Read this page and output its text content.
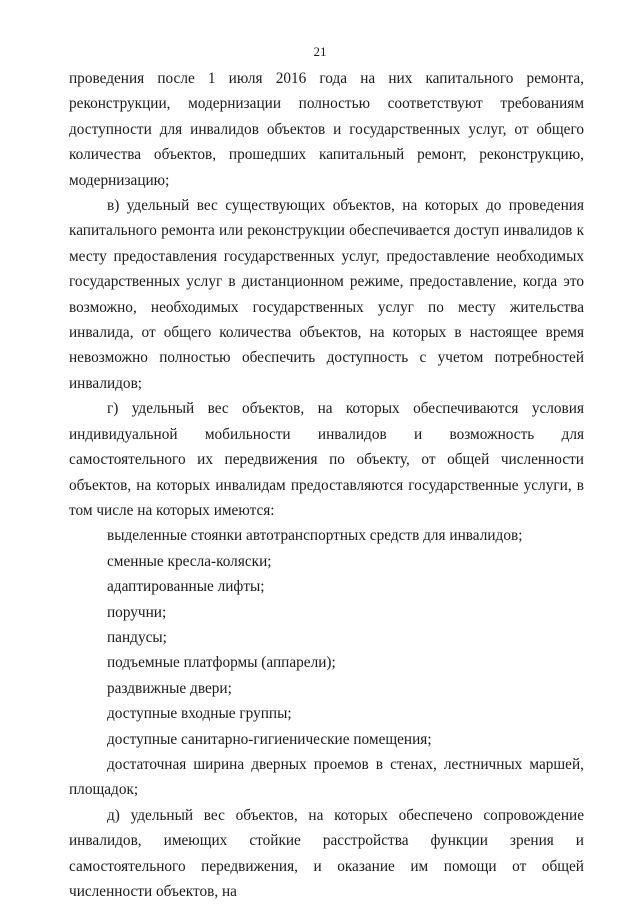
21

проведения после 1 июля 2016 года на них капитального ремонта, реконструкции, модернизации полностью соответствуют требованиям доступности для инвалидов объектов и государственных услуг, от общего количества объектов, прошедших капитальный ремонт, реконструкцию, модернизацию;

в) удельный вес существующих объектов, на которых до проведения капитального ремонта или реконструкции обеспечивается доступ инвалидов к месту предоставления государственных услуг, предоставление необходимых государственных услуг в дистанционном режиме, предоставление, когда это возможно, необходимых государственных услуг по месту жительства инвалида, от общего количества объектов, на которых в настоящее время невозможно полностью обеспечить доступность с учетом потребностей инвалидов;

г) удельный вес объектов, на которых обеспечиваются условия индивидуальной мобильности инвалидов и возможность для самостоятельного их передвижения по объекту, от общей численности объектов, на которых инвалидам предоставляются государственные услуги, в том числе на которых имеются:

выделенные стоянки автотранспортных средств для инвалидов;

сменные кресла-коляски;

адаптированные лифты;

поручни;

пандусы;

подъемные платформы (аппарели);

раздвижные двери;

доступные входные группы;

доступные санитарно-гигиенические помещения;

достаточная ширина дверных проемов в стенах, лестничных маршей, площадок;

д) удельный вес объектов, на которых обеспечено сопровождение инвалидов, имеющих стойкие расстройства функции зрения и самостоятельного передвижения, и оказание им помощи от общей численности объектов, на
